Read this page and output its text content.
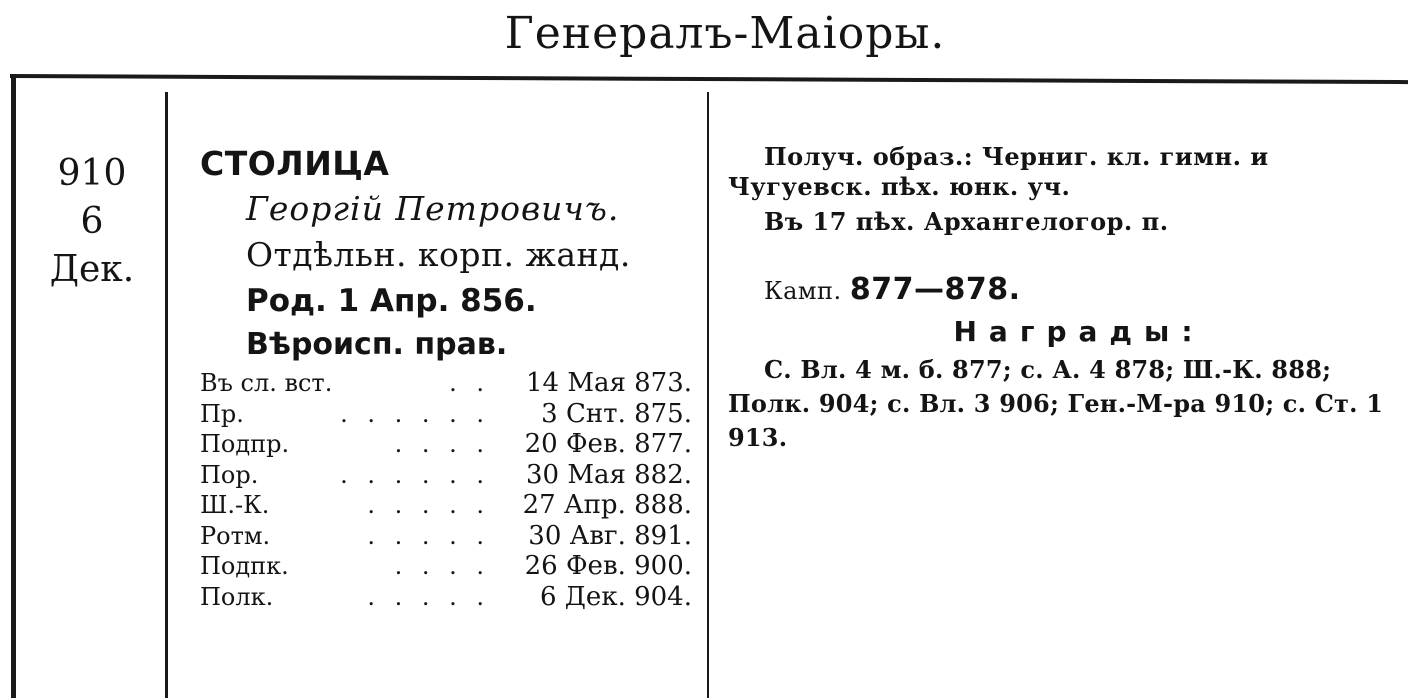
Генералъ-Маіоры.
910
6
Дек.
СТОЛИЦА
Георгій Петровичъ.
Отдѣльн. корп. жанд.
Род. 1 Апр. 856.
Вѣроисп. прав.
Въ сл. вст.	. . 14 Мая 873.
Пр.	. . . . . . 3 Снт. 875.
Подпр.	. . . . 20 Фев. 877.
Пор.	. . . . . . 30 Мая 882.
Ш.-К.	. . . . . 27 Апр. 888.
Ротм.	. . . . . 30 Авг. 891.
Подпк.	. . . . 26 Фев. 900.
Полк.	. . . . . 6 Дек. 904.
Получ. образ.: Черниг. кл. гимн. и
Чугуевск. пѣх. юнк. уч.
Въ 17 пѣх. Архангелогор. п.
Камп. 877—878.
Награды:
С. Вл. 4 м. б. 877; с. А. 4 878; Ш.-К. 888; Полк. 904; с. Вл. 3 906; Ген.-М-ра 910; с. Ст. 1 913.
